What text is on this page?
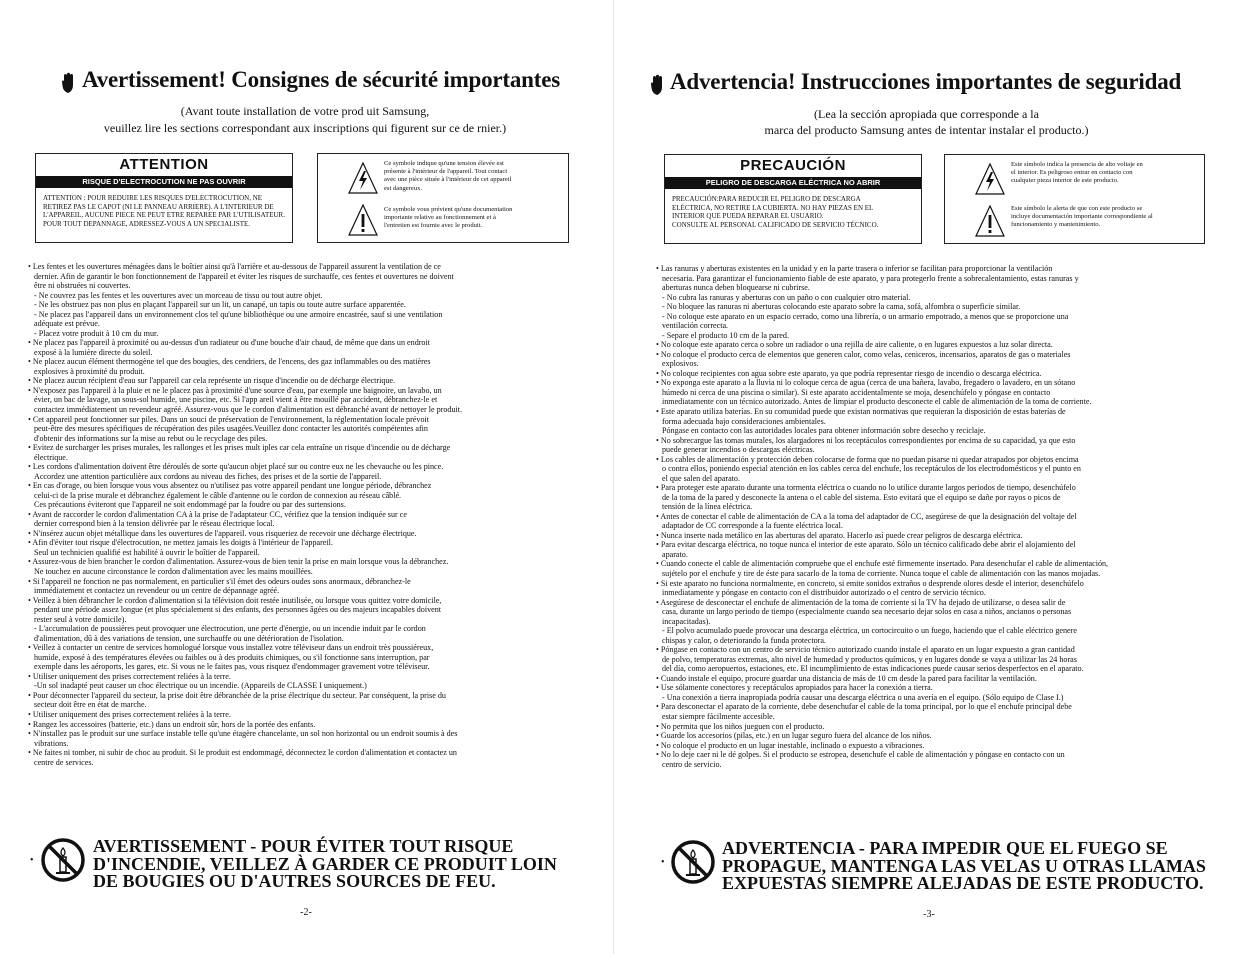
Avertissement! Consignes de sécurité importantes
(Avant toute installation de votre prod uit Samsung,
veuillez lire les sections correspondant aux inscriptions qui figurent sur ce de rnier.)
ATTENTION
RISQUE D'ELECTROCUTION NE PAS OUVRIR
ATTENTION : POUR REDUIRE LES RISQUES D'ELECTROCUTION, NE
RETIREZ PAS LE CAPOT (NI LE PANNEAU ARRIERE). A L'INTERIEUR DE
L'APPAREIL, AUCUNE PIECE NE PEUT ETRE REPAREE PAR L'UTILISATEUR.
POUR TOUT DEPANNAGE, ADRESSEZ-VOUS A UN SPECIALISTE.
Ce symbole indique qu'une tension élevée est
présente à l'intérieur de l'appareil. Tout contact
avec une pièce située à l'intérieur de cet appareil
est dangereux.
Ce symbole vous prévient qu'une documentation
importante relative au fonctionnement et à
l'entretien est fournie avec le produit.

• Les fentes et les ouvertures ménagées dans le boîtier ainsi qu'à l'arrière et au-dessous de l'appareil assurent la ventilation de ce

dernier. Afin de garantir le bon fonctionnement de l'appareil et éviter les risques de surchauffe, ces fentes et ouvertures ne doivent

être ni obstruées ni couvertes.

- Ne couvrez pas les fentes et les ouvertures avec un morceau de tissu ou tout autre objet.

- Ne les obstruez pas non plus en plaçant l'appareil sur un lit, un canapé, un tapis ou toute autre surface apparentée.

- Ne placez pas l'appareil dans un environnement clos tel qu'une bibliothèque ou une armoire encastrée, sauf si une ventilation

adéquate est prévue.

- Placez votre produit à 10 cm du mur.

• Ne placez pas l'appareil à proximité ou au-dessus d'un radiateur ou d'une bouche d'air chaud, de même que dans un endroit

exposé à la lumière directe du soleil.

• Ne placez aucun élément thermogène tel que des bougies, des cendriers, de l'encens, des gaz inflammables ou des matières

explosives à proximité du produit.

• Ne placez aucun récipient d'eau sur l'appareil car cela représente un risque d'incendie ou de décharge électrique.

• N'exposez pas l'appareil à la pluie et ne le placez pas à proximité d'une source d'eau, par exemple une baignoire, un lavabo, un

évier, un bac de lavage, un sous-sol humide, une piscine, etc. Si l'app areil vient à être mouillé par accident, débranchez-le et

contactez immédiatement un revendeur agréé. Assurez-vous que le cordon d'alimentation est débranché avant de nettoyer le produit.

• Cet appareil peut fonctionner sur piles. Dans un souci de préservation de l'environnement, la réglementation locale prévoit

peut-être des mesures spécifiques de récupération des piles usagées.Veuillez donc contacter les autorités compétentes afin

d'obtenir des informations sur la mise au rebut ou le recyclage des piles.

• Evitez de surcharger les prises murales, les rallonges et les prises mult iples car cela entraîne un risque d'incendie ou de décharge

électrique.

• Les cordons d'alimentation doivent être déroulés de sorte qu'aucun objet placé sur ou contre eux ne les chevauche ou les pince.

Accordez une attention particulière aux cordons au niveau des fiches, des prises et de la sortie de l'appareil.

• En cas d'orage, ou bien lorsque vous vous absentez ou n'utilisez pas votre appareil pendant une longue période, débranchez

celui-ci de la prise murale et débranchez également le câble d'antenne ou le cordon de connexion au réseau câblé.

Ces précautions éviteront que l'appareil ne soit endommagé par la foudre ou par des surtensions.

• Avant de raccorder le cordon d'alimentation CA à la prise de l'adaptateur CC, vérifiez que la tension indiquée sur ce

dernier correspond bien à la tension délivrée par le réseau électrique local.

• N'insérez aucun objet métallique dans les ouvertures de l'appareil. vous risqueriez de recevoir une décharge électrique.

• Afin d'éviter tout risque d'électrocution, ne mettez jamais les doigts à l'intérieur de l'appareil.

Seul un technicien qualifié est habilité à ouvrir le boîtier de l'appareil.

• Assurez-vous de bien brancher le cordon d'alimentation. Assurez-vous de bien tenir la prise en main lorsque vous la débranchez.

Ne touchez en aucune circonstance le cordon d'alimentation avec les mains mouillées.

• Si l'appareil ne fonction ne pas normalement, en particulier s'il émet des odeurs oudes sons anormaux, débranchez-le

immédiatement et contactez un revendeur ou un centre de dépannage agréé.

• Veillez à bien débrancher le cordon d'alimentation si la télévision doit restée inutilisée, ou lorsque vous quittez votre domicile,

pendant une période assez longue (et plus spécialement si des enfants, des personnes âgées ou des majeurs incapables doivent

rester seul à votre domicile).

- L'accumulation de poussières peut provoquer une électrocution, une perte d'énergie, ou un incendie induit par le cordon

d'alimentation, dû à des variations de tension, une surchauffe ou une détérioration de l'isolation.

• Veillez à contacter un centre de services homologué lorsque vous installez votre téléviseur dans un endroit très poussiéreux,

humide, exposé à des températures élevées ou faibles ou à des produits chimiques, ou s'il fonctionne sans interruption, par

exemple dans les aéroports, les gares, etc. Si vous ne le faites pas, vous risquez d'endommager gravement votre téléviseur.

• Utiliser uniquement des prises correctement reliées à la terre.

-Un sol inadapté peut causer un choc électrique ou un incendie. (Appareils de CLASSE I uniquement.)

• Pour déconnecter l'appareil du secteur, la prise doit être débranchée de la prise électrique du secteur. Par conséquent, la prise du

secteur doit être en état de marche.

• Utiliser uniquement des prises correctement reliées à la terre.

• Rangez les accessoires (batterie, etc.) dans un endroit sûr, hors de la portée des enfants.

• N'installez pas le produit sur une surface instable telle qu'une étagère chancelante, un sol non horizontal ou un endroit soumis à des

vibrations.

• Ne faites ni tomber, ni subir de choc au produit. Si le produit est endommagé, déconnectez le cordon d'alimentation et contactez un

centre de services.

•
AVERTISSEMENT - POUR ÉVITER TOUT RISQUE
D'INCENDIE, VEILLEZ À GARDER CE PRODUIT LOIN
DE BOUGIES OU D'AUTRES SOURCES DE FEU.
-2-
Advertencia! Instrucciones importantes de seguridad
(Lea la sección apropiada que corresponde a la
marca del producto Samsung antes de intentar instalar el producto.)
PRECAUCIÓN
PELIGRO DE DESCARGA ELÉCTRICA NO ABRIR
PRECAUCIÓN:PARA REDUCIR EL PELIGRO DE DESCARGA
ELÉCTRICA, NO RETIRE LA CUBIERTA. NO HAY PIEZAS EN EL
INTERIOR QUE PUEDA REPARAR EL USUARIO.
CONSULTE AL PERSONAL CALIFICADO DE SERVICIO TÉCNICO.
Este símbolo indica la presencia de alto voltaje en
el interior. Es peligroso entrar en contacto con
cualquier pieza interior de este producto.
Este símbolo le alerta de que con este producto se
incluye documentación importante correspondiente al
funcionamiento y mantenimiento.

• Las ranuras y aberturas existentes en la unidad y en la parte trasera o inferior se facilitan para proporcionar la ventilación

necesaria. Para garantizar el funcionamiento fiable de este aparato, y para protegerlo frente a sobrecalentamiento, estas ranuras y

aberturas nunca deben bloquearse ni cubrirse.

- No cubra las ranuras y aberturas con un paño o con cualquier otro material.

- No bloquee las ranuras ni aberturas colocando este aparato sobre la cama, sofá, alfombra o superficie similar.

- No coloque este aparato en un espacio cerrado, como una librería, o un armario empotrado, a menos que se proporcione una

ventilación correcta.

- Separe el producto 10 cm de la pared.

• No coloque este aparato cerca o sobre un radiador o una rejilla de aire caliente, o en lugares expuestos a luz solar directa.

• No coloque el producto cerca de elementos que generen calor, como velas, ceniceros, incensarios, aparatos de gas o materiales

explosivos.

• No coloque recipientes con agua sobre este aparato, ya que podría representar riesgo de incendio o descarga eléctrica.

• No exponga este aparato a la lluvia ni lo coloque cerca de agua (cerca de una bañera, lavabo, fregadero o lavadero, en un sótano

húmedo ni cerca de una piscina o similar). Si este aparato accidentalmente se moja, desenchúfelo y póngase en contacto

inmediatamente con un técnico autorizado. Antes de limpiar el producto desconecte el cable de alimentación de la toma de corriente.

• Este aparato utiliza baterías. En su comunidad puede que existan normativas que requieran la disposición de estas baterías de

forma adecuada bajo consideraciones ambientales.

Póngase en contacto con las autoridades locales para obtener información sobre desecho y reciclaje.

• No sobrecargue las tomas murales, los alargadores ni los receptáculos correspondientes por encima de su capacidad, ya que esto

puede generar incendios o descargas eléctricas.

• Los cables de alimentación y protección deben colocarse de forma que no puedan pisarse ni quedar atrapados por objetos encima

o contra ellos, poniendo especial atención en los cables cerca del enchufe, los receptáculos de los electrodomésticos y el punto en

el que salen del aparato.

• Para proteger este aparato durante una tormenta eléctrica o cuando no lo utilice durante largos periodos de tiempo, desenchúfelo

de la toma de la pared y desconecte la antena o el cable del sistema. Esto evitará que el equipo se dañe por rayos o picos de

tensión de la línea eléctrica.

• Antes de conectar el cable de alimentación de CA a la toma del adaptador de CC, asegúrese de que la designación del voltaje del

adaptador de CC corresponde a la fuente eléctrica local.

• Nunca inserte nada metálico en las aberturas del aparato. Hacerlo así puede crear peligros de descarga eléctrica.

• Para evitar descarga eléctrica, no toque nunca el interior de este aparato. Sólo un técnico calificado debe abrir el alojamiento del

aparato.

• Cuando conecte el cable de alimentación compruebe que el enchufe esté firmemente insertado. Para desenchufar el cable de alimentación,

sujételo por el enchufe y tire de éste para sacarlo de la toma de corriente. Nunca toque el cable de alimentación con las manos mojadas.

• Si este aparato no funciona normalmente, en concreto, si emite sonidos extraños o desprende olores desde el interior, desenchúfelo

inmediatamente y póngase en contacto con el distribuidor autorizado o el centro de servicio técnico.

• Asegúrese de desconectar el enchufe de alimentación de la toma de corriente si la TV ha dejado de utilizarse, o desea salir de

casa, durante un largo periodo de tiempo (especialmente cuando sea necesario dejar solos en casa a niños, ancianos o personas

incapacitadas).

- El polvo acumulado puede provocar una descarga eléctrica, un cortocircuito o un fuego, haciendo que el cable eléctrico genere

chispas y calor, o deteriorando la funda protectora.

• Póngase en contacto con un centro de servicio técnico autorizado cuando instale el aparato en un lugar expuesto a gran cantidad

de polvo, temperaturas extremas, alto nivel de humedad y productos químicos, y en lugares donde se vaya a utilizar las 24 horas

del día, como aeropuertos, estaciones, etc. El incumplimiento de estas indicaciones puede causar serios desperfectos en el aparato.

• Cuando instale el equipo, procure guardar una distancia de más de 10 cm desde la pared para facilitar la ventilación.

• Use sólamente conectores y receptáculos apropiados para hacer la conexión a tierra.

- Una conexión a tierra inapropiada podría causar una descarga eléctrica o una avería en el equipo. (Sólo equipo de Clase I.)

• Para desconectar el aparato de la corriente, debe desenchufar el cable de la toma principal, por lo que el enchufe principal debe

estar siempre fácilmente accesible.

• No permita que los niños jueguen con el producto.

• Guarde los accesorios (pilas, etc.) en un lugar seguro fuera del alcance de los niños.

• No coloque el producto en un lugar inestable, inclinado o expuesto a vibraciones.

• No lo deje caer ni le dé golpes. Si el producto se estropea, desenchufe el cable de alimentación y póngase en contacto con un

centro de servicio.

•
ADVERTENCIA - PARA IMPEDIR QUE EL FUEGO SE
PROPAGUE, MANTENGA LAS VELAS U OTRAS LLAMAS
EXPUESTAS SIEMPRE ALEJADAS DE ESTE PRODUCTO.
-3-
